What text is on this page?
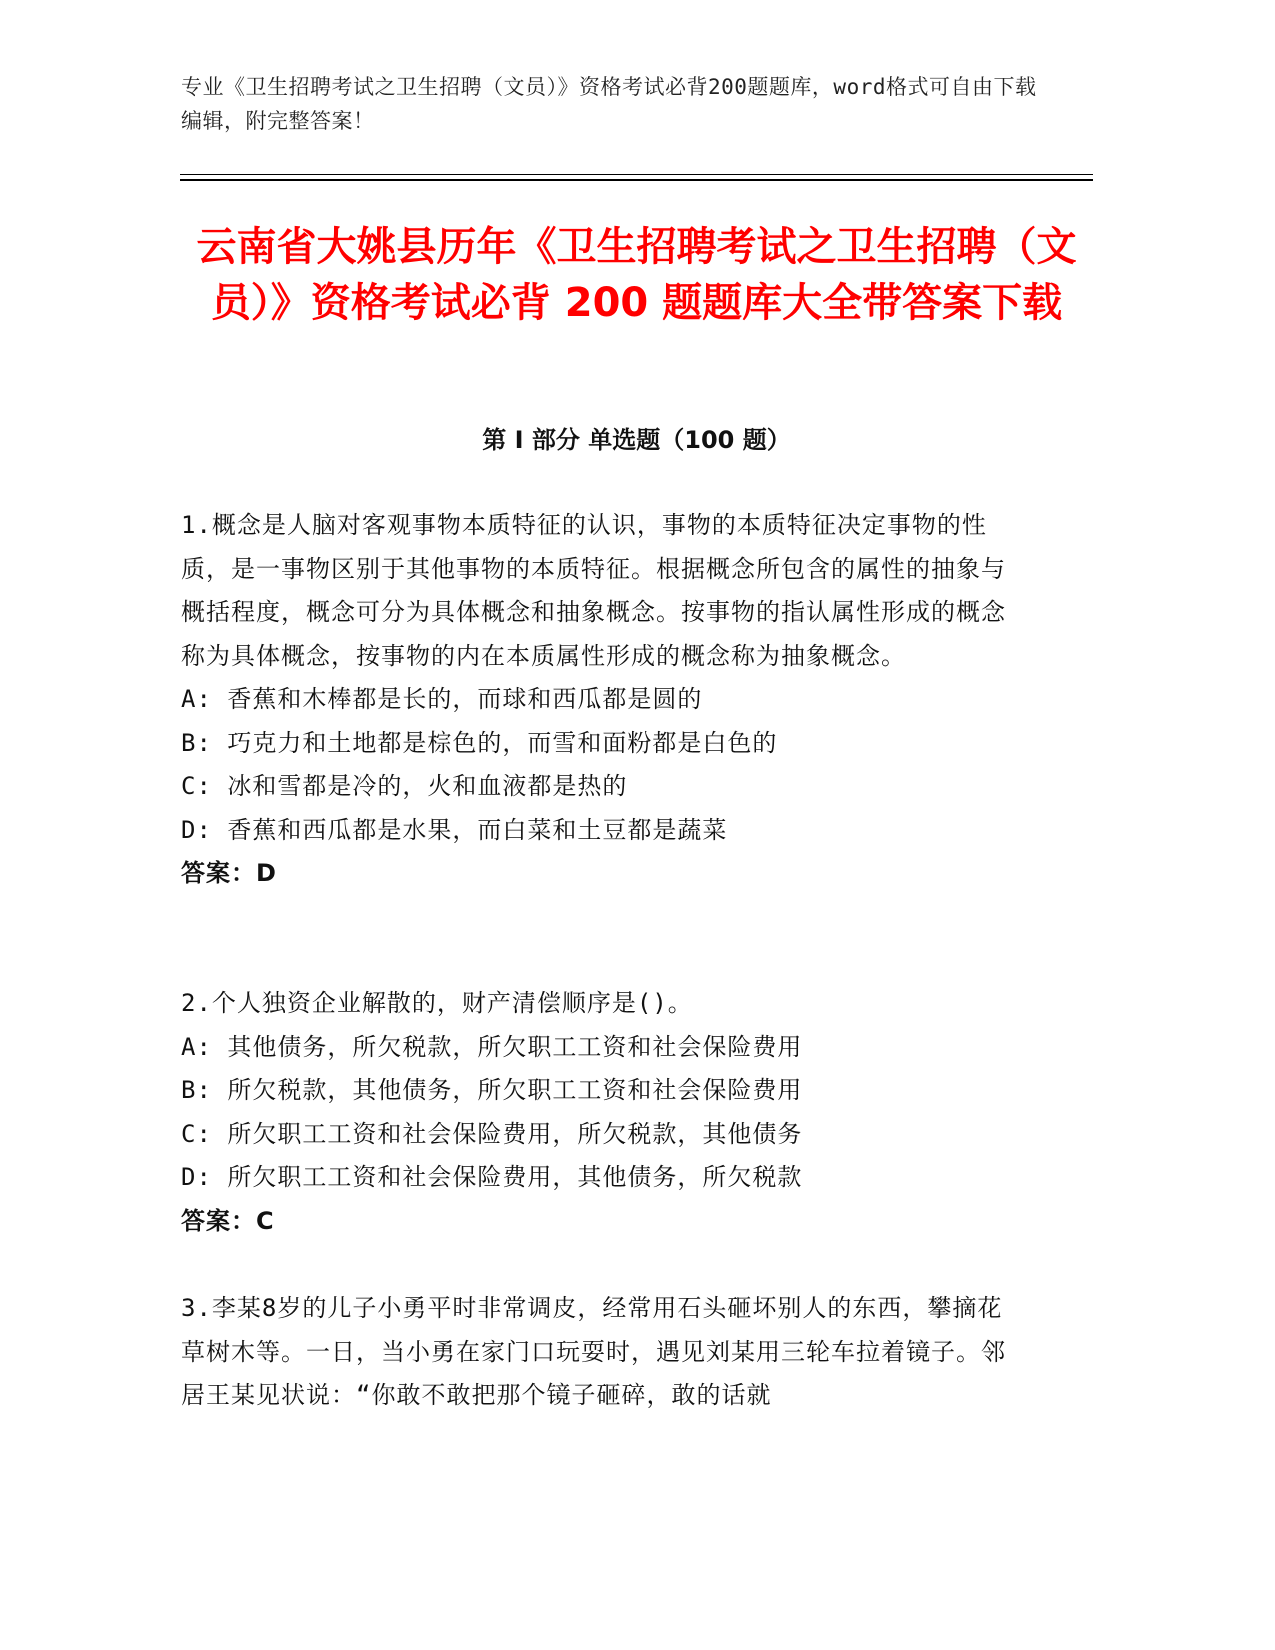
专业《卫生招聘考试之卫生招聘（文员）》资格考试必背200题题库，word格式可自由下载编辑，附完整答案！
云南省大姚县历年《卫生招聘考试之卫生招聘（文员）》资格考试必背 200 题题库大全带答案下载
第 I 部分 单选题（100 题）

1.概念是人脑对客观事物本质特征的认识，事物的本质特征决定事物的性质，是一事物区别于其他事物的本质特征。根据概念所包含的属性的抽象与概括程度，概念可分为具体概念和抽象概念。按事物的指认属性形成的概念称为具体概念，按事物的内在本质属性形成的概念称为抽象概念。

A: 香蕉和木棒都是长的，而球和西瓜都是圆的

B: 巧克力和土地都是棕色的，而雪和面粉都是白色的

C: 冰和雪都是冷的，火和血液都是热的

D: 香蕉和西瓜都是水果，而白菜和土豆都是蔬菜

答案：D

2.个人独资企业解散的，财产清偿顺序是()。

A: 其他债务，所欠税款，所欠职工工资和社会保险费用

B: 所欠税款，其他债务，所欠职工工资和社会保险费用

C: 所欠职工工资和社会保险费用，所欠税款，其他债务

D: 所欠职工工资和社会保险费用，其他债务，所欠税款

答案：C

3.李某8岁的儿子小勇平时非常调皮，经常用石头砸坏别人的东西，攀摘花草树木等。一日，当小勇在家门口玩耍时，遇见刘某用三轮车拉着镜子。邻居王某见状说：“你敢不敢把那个镜子砸碎，敢的话就
